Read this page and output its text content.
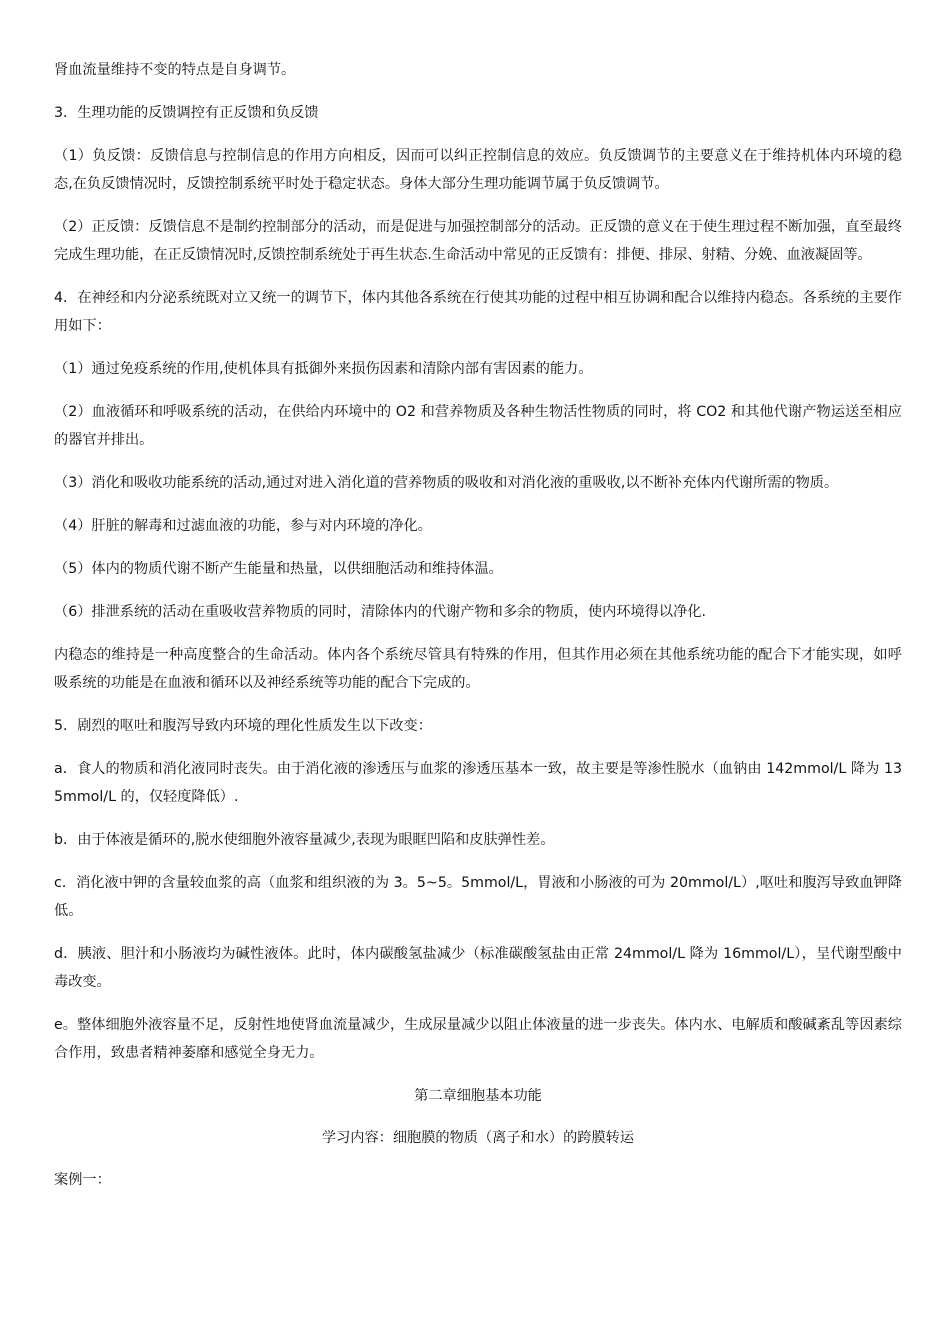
肾血流量维持不变的特点是自身调节。

3．生理功能的反馈调控有正反馈和负反馈

（1）负反馈：反馈信息与控制信息的作用方向相反，因而可以纠正控制信息的效应。负反馈调节的主要意义在于维持机体内环境的稳态,在负反馈情况时，反馈控制系统平时处于稳定状态。身体大部分生理功能调节属于负反馈调节。

（2）正反馈：反馈信息不是制约控制部分的活动，而是促进与加强控制部分的活动。正反馈的意义在于使生理过程不断加强，直至最终完成生理功能，在正反馈情况时,反馈控制系统处于再生状态.生命活动中常见的正反馈有：排便、排尿、射精、分娩、血液凝固等。

4．在神经和内分泌系统既对立又统一的调节下，体内其他各系统在行使其功能的过程中相互协调和配合以维持内稳态。各系统的主要作用如下：

（1）通过免疫系统的作用,使机体具有抵御外来损伤因素和清除内部有害因素的能力。

（2）血液循环和呼吸系统的活动，在供给内环境中的 O2 和营养物质及各种生物活性物质的同时，将 CO2 和其他代谢产物运送至相应的器官并排出。

（3）消化和吸收功能系统的活动,通过对进入消化道的营养物质的吸收和对消化液的重吸收,以不断补充体内代谢所需的物质。

（4）肝脏的解毒和过滤血液的功能，参与对内环境的净化。

（5）体内的物质代谢不断产生能量和热量，以供细胞活动和维持体温。

（6）排泄系统的活动在重吸收营养物质的同时，清除体内的代谢产物和多余的物质，使内环境得以净化.

内稳态的维持是一种高度整合的生命活动。体内各个系统尽管具有特殊的作用，但其作用必须在其他系统功能的配合下才能实现，如呼吸系统的功能是在血液和循环以及神经系统等功能的配合下完成的。

5．剧烈的呕吐和腹泻导致内环境的理化性质发生以下改变：

a．食人的物质和消化液同时丧失。由于消化液的渗透压与血浆的渗透压基本一致，故主要是等渗性脱水（血钠由 142mmol/L 降为 135mmol/L 的，仅轻度降低）.

b．由于体液是循环的,脱水使细胞外液容量减少,表现为眼眶凹陷和皮肤弹性差。

c．消化液中钾的含量较血浆的高（血浆和组织液的为 3。5~5。5mmol/L，胃液和小肠液的可为 20mmol/L）,呕吐和腹泻导致血钾降低。

d．胰液、胆汁和小肠液均为碱性液体。此时，体内碳酸氢盐减少（标准碳酸氢盐由正常 24mmol/L 降为 16mmol/L），呈代谢型酸中毒改变。

e。整体细胞外液容量不足，反射性地使肾血流量减少，生成尿量减少以阻止体液量的进一步丧失。体内水、电解质和酸碱紊乱等因素综合作用，致患者精神萎靡和感觉全身无力。

第二章细胞基本功能

学习内容：细胞膜的物质（离子和水）的跨膜转运

案例一：
